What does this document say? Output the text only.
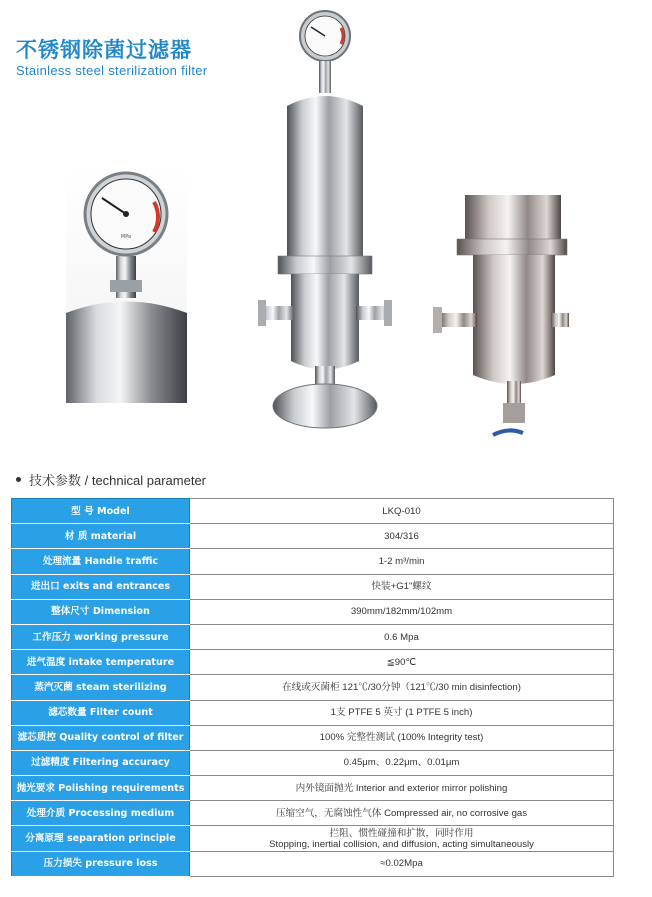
不锈钢除菌过滤器
Stainless steel sterilization filter
MPa
技术参数 / technical parameter
型 号 Model	LKQ-010
材 质 material	304/316
处理流量 Handle traffic	1-2 m³/min
进出口 exits and entrances	快装+G1"螺纹
整体尺寸 Dimension	390mm/182mm/102mm
工作压力 working pressure	0.6 Mpa
进气温度 intake temperature	≦90℃
蒸汽灭菌 steam sterilizing	在线或灭菌柜 121℃/30分钟（121℃/30 min disinfection)
滤芯数量 Filter count	1支 PTFE 5 英寸 (1 PTFE 5 inch)
滤芯质控 Quality control of filter	100% 完整性测试 (100% Integrity test)
过滤精度 Filtering accuracy	0.45μm、0.22μm、0.01μm
抛光要求 Polishing requirements	内外镜面抛光 Interior and exterior mirror polishing
处理介质 Processing medium	压缩空气，无腐蚀性气体 Compressed air, no corrosive gas
分离原理 separation principle	拦阻、惯性碰撞和扩散，同时作用
Stopping, inertial collision, and diffusion, acting simultaneously

压力损失 pressure loss	≈0.02Mpa
